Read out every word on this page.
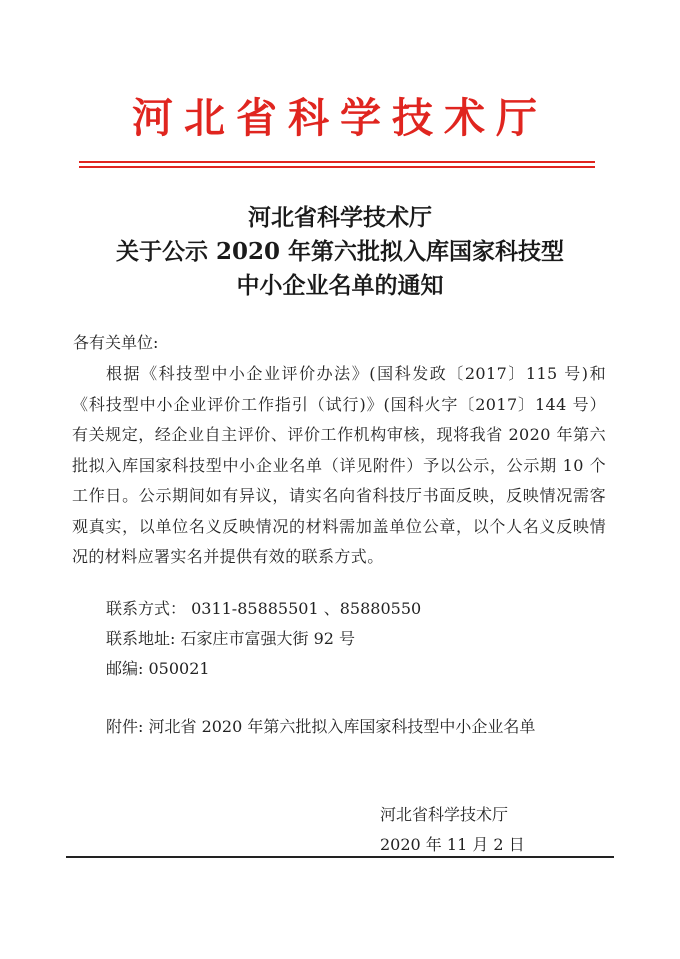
河北省科学技术厅
河北省科学技术厅
关于公示 2020 年第六批拟入库国家科技型
中小企业名单的通知
各有关单位:
根据《科技型中小企业评价办法》(国科发政〔2017〕115 号)和《科技型中小企业评价工作指引（试行)》(国科火字〔2017〕144 号）有关规定，经企业自主评价、评价工作机构审核，现将我省 2020 年第六批拟入库国家科技型中小企业名单（详见附件）予以公示，公示期 10 个工作日。公示期间如有异议，请实名向省科技厅书面反映，反映情况需客观真实，以单位名义反映情况的材料需加盖单位公章，以个人名义反映情况的材料应署实名并提供有效的联系方式。
联系方式： 0311-85885501 、85880550
联系地址: 石家庄市富强大街 92 号
邮编: 050021
附件: 河北省 2020 年第六批拟入库国家科技型中小企业名单
河北省科学技术厅
2020 年 11 月 2 日
